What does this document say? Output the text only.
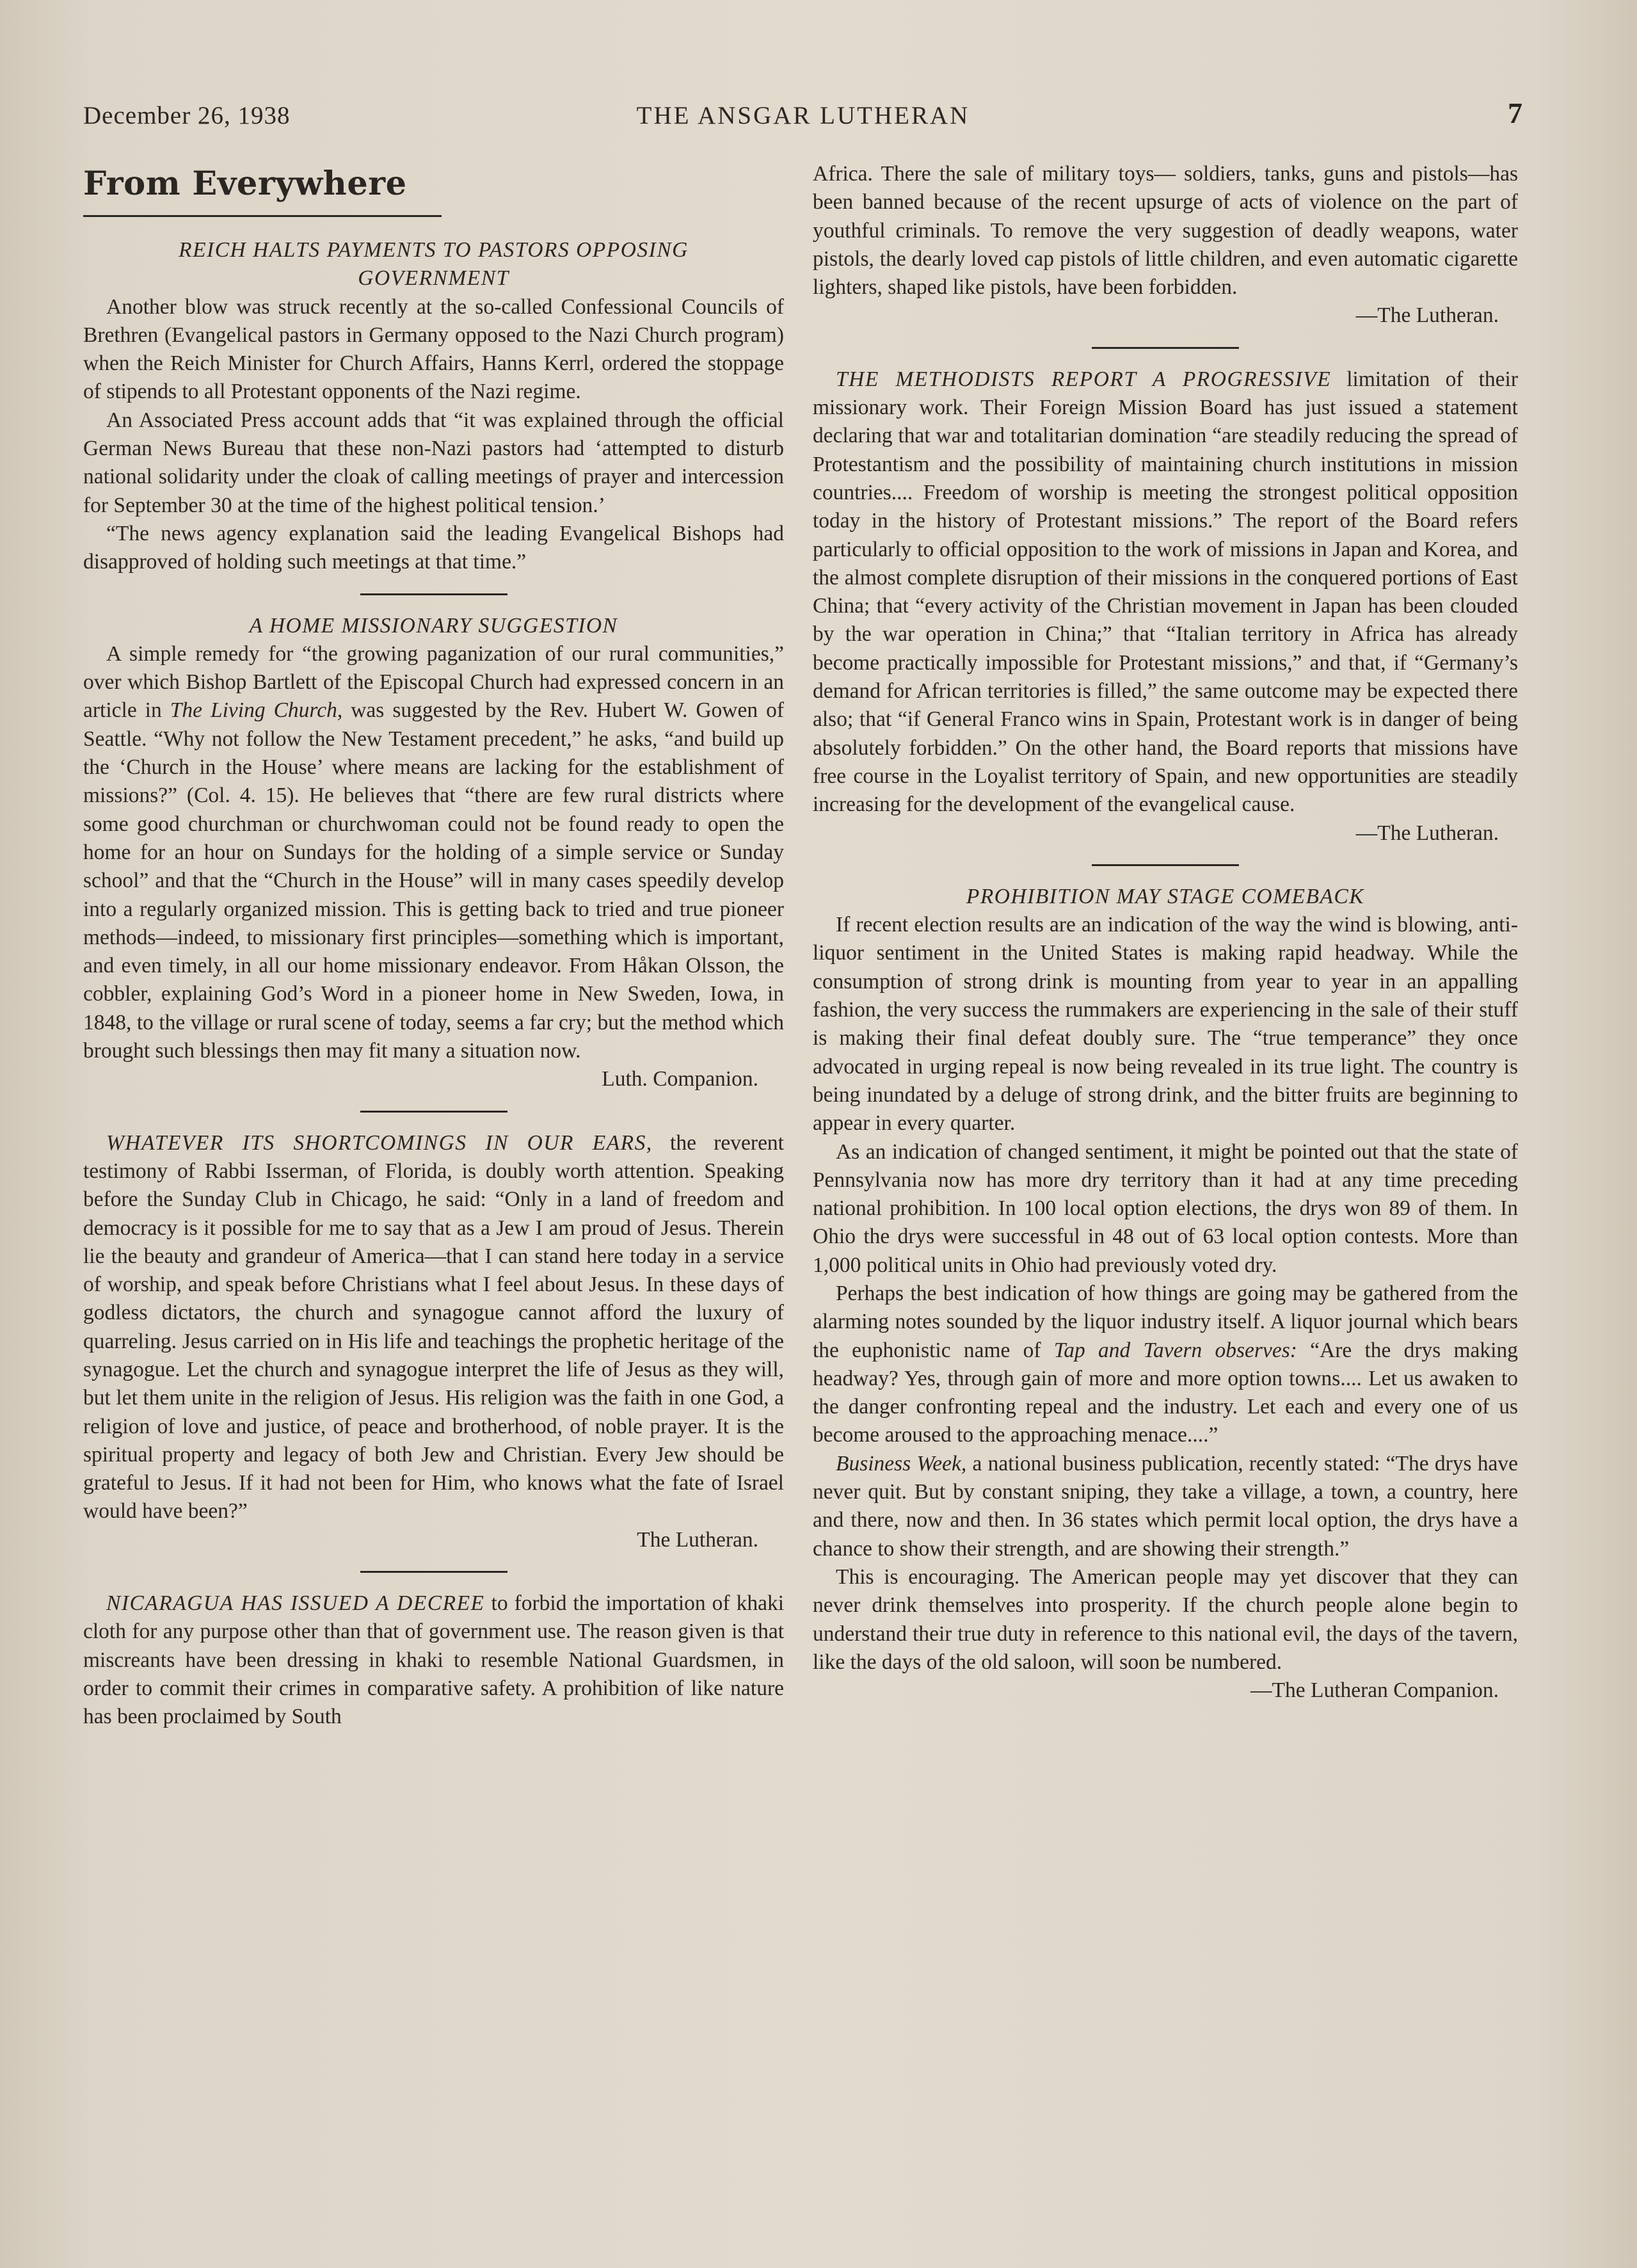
December 26, 1938	THE ANSGAR LUTHERAN	7
From Everywhere
REICH HALTS PAYMENTS TO PASTORS OPPOSING
GOVERNMENT

Another blow was struck recently at the so-called Confessional Councils of Brethren (Evangelical pastors in Germany opposed to the Nazi Church program) when the Reich Minister for Church Affairs, Hanns Kerrl, ordered the stoppage of stipends to all Protestant opponents of the Nazi regime.

An Associated Press account adds that “it was explained through the official German News Bureau that these non-Nazi pastors had ‘attempted to disturb national solidarity under the cloak of calling meetings of prayer and intercession for September 30 at the time of the highest political tension.’

“The news agency explanation said the leading Evangelical Bishops had disapproved of holding such meetings at that time.”

A HOME MISSIONARY SUGGESTION

A simple remedy for “the growing paganization of our rural communities,” over which Bishop Bartlett of the Episcopal Church had expressed concern in an article in The Living Church, was suggested by the Rev. Hubert W. Gowen of Seattle. “Why not follow the New Testament precedent,” he asks, “and build up the ‘Church in the House’ where means are lacking for the establishment of missions?” (Col. 4. 15). He believes that “there are few rural districts where some good churchman or churchwoman could not be found ready to open the home for an hour on Sundays for the holding of a simple service or Sunday school” and that the “Church in the House” will in many cases speedily develop into a regularly organized mission. This is getting back to tried and true pioneer methods—indeed, to missionary first principles—something which is important, and even timely, in all our home missionary endeavor. From Håkan Olsson, the cobbler, explaining God’s Word in a pioneer home in New Sweden, Iowa, in 1848, to the village or rural scene of today, seems a far cry; but the method which brought such blessings then may fit many a situation now.

Luth. Companion.

WHATEVER ITS SHORTCOMINGS IN OUR EARS, the reverent testimony of Rabbi Isserman, of Florida, is doubly worth attention. Speaking before the Sunday Club in Chicago, he said: “Only in a land of freedom and democracy is it possible for me to say that as a Jew I am proud of Jesus. Therein lie the beauty and grandeur of America—that I can stand here today in a service of worship, and speak before Christians what I feel about Jesus. In these days of godless dictators, the church and synagogue cannot afford the luxury of quarreling. Jesus carried on in His life and teachings the prophetic heritage of the synagogue. Let the church and synagogue interpret the life of Jesus as they will, but let them unite in the religion of Jesus. His religion was the faith in one God, a religion of love and justice, of peace and brotherhood, of noble prayer. It is the spiritual property and legacy of both Jew and Christian. Every Jew should be grateful to Jesus. If it had not been for Him, who knows what the fate of Israel would have been?”

The Lutheran.

NICARAGUA HAS ISSUED A DECREE to forbid the importation of khaki cloth for any purpose other than that of government use. The reason given is that miscreants have been dressing in khaki to resemble National Guardsmen, in order to commit their crimes in comparative safety. A prohibition of like nature has been proclaimed by South

Africa. There the sale of military toys— soldiers, tanks, guns and pistols—has been banned because of the recent upsurge of acts of violence on the part of youthful criminals. To remove the very suggestion of deadly weapons, water pistols, the dearly loved cap pistols of little children, and even automatic cigarette lighters, shaped like pistols, have been forbidden.

—The Lutheran.

THE METHODISTS REPORT A PROGRESSIVE limitation of their missionary work. Their Foreign Mission Board has just issued a statement declaring that war and totalitarian domination “are steadily reducing the spread of Protestantism and the possibility of maintaining church institutions in mission countries.... Freedom of worship is meeting the strongest political opposition today in the history of Protestant missions.” The report of the Board refers particularly to official opposition to the work of missions in Japan and Korea, and the almost complete disruption of their missions in the conquered portions of East China; that “every activity of the Christian movement in Japan has been clouded by the war operation in China;” that “Italian territory in Africa has already become practically impossible for Protestant missions,” and that, if “Germany’s demand for African territories is filled,” the same outcome may be expected there also; that “if General Franco wins in Spain, Protestant work is in danger of being absolutely forbidden.” On the other hand, the Board reports that missions have free course in the Loyalist territory of Spain, and new opportunities are steadily increasing for the development of the evangelical cause.

—The Lutheran.
PROHIBITION MAY STAGE COMEBACK

If recent election results are an indication of the way the wind is blowing, anti-liquor sentiment in the United States is making rapid headway. While the consumption of strong drink is mounting from year to year in an appalling fashion, the very success the rummakers are experiencing in the sale of their stuff is making their final defeat doubly sure. The “true temperance” they once advocated in urging repeal is now being revealed in its true light. The country is being inundated by a deluge of strong drink, and the bitter fruits are beginning to appear in every quarter.

As an indication of changed sentiment, it might be pointed out that the state of Pennsylvania now has more dry territory than it had at any time preceding national prohibition. In 100 local option elections, the drys won 89 of them. In Ohio the drys were successful in 48 out of 63 local option contests. More than 1,000 political units in Ohio had previously voted dry.

Perhaps the best indication of how things are going may be gathered from the alarming notes sounded by the liquor industry itself. A liquor journal which bears the euphonistic name of Tap and Tavern observes: “Are the drys making headway? Yes, through gain of more and more option towns.... Let us awaken to the danger confronting repeal and the industry. Let each and every one of us become aroused to the approaching menace....”

Business Week, a national business publication, recently stated: “The drys have never quit. But by constant sniping, they take a village, a town, a country, here and there, now and then. In 36 states which permit local option, the drys have a chance to show their strength, and are showing their strength.”

This is encouraging. The American people may yet discover that they can never drink themselves into prosperity. If the church people alone begin to understand their true duty in reference to this national evil, the days of the tavern, like the days of the old saloon, will soon be numbered.

—The Lutheran Companion.
